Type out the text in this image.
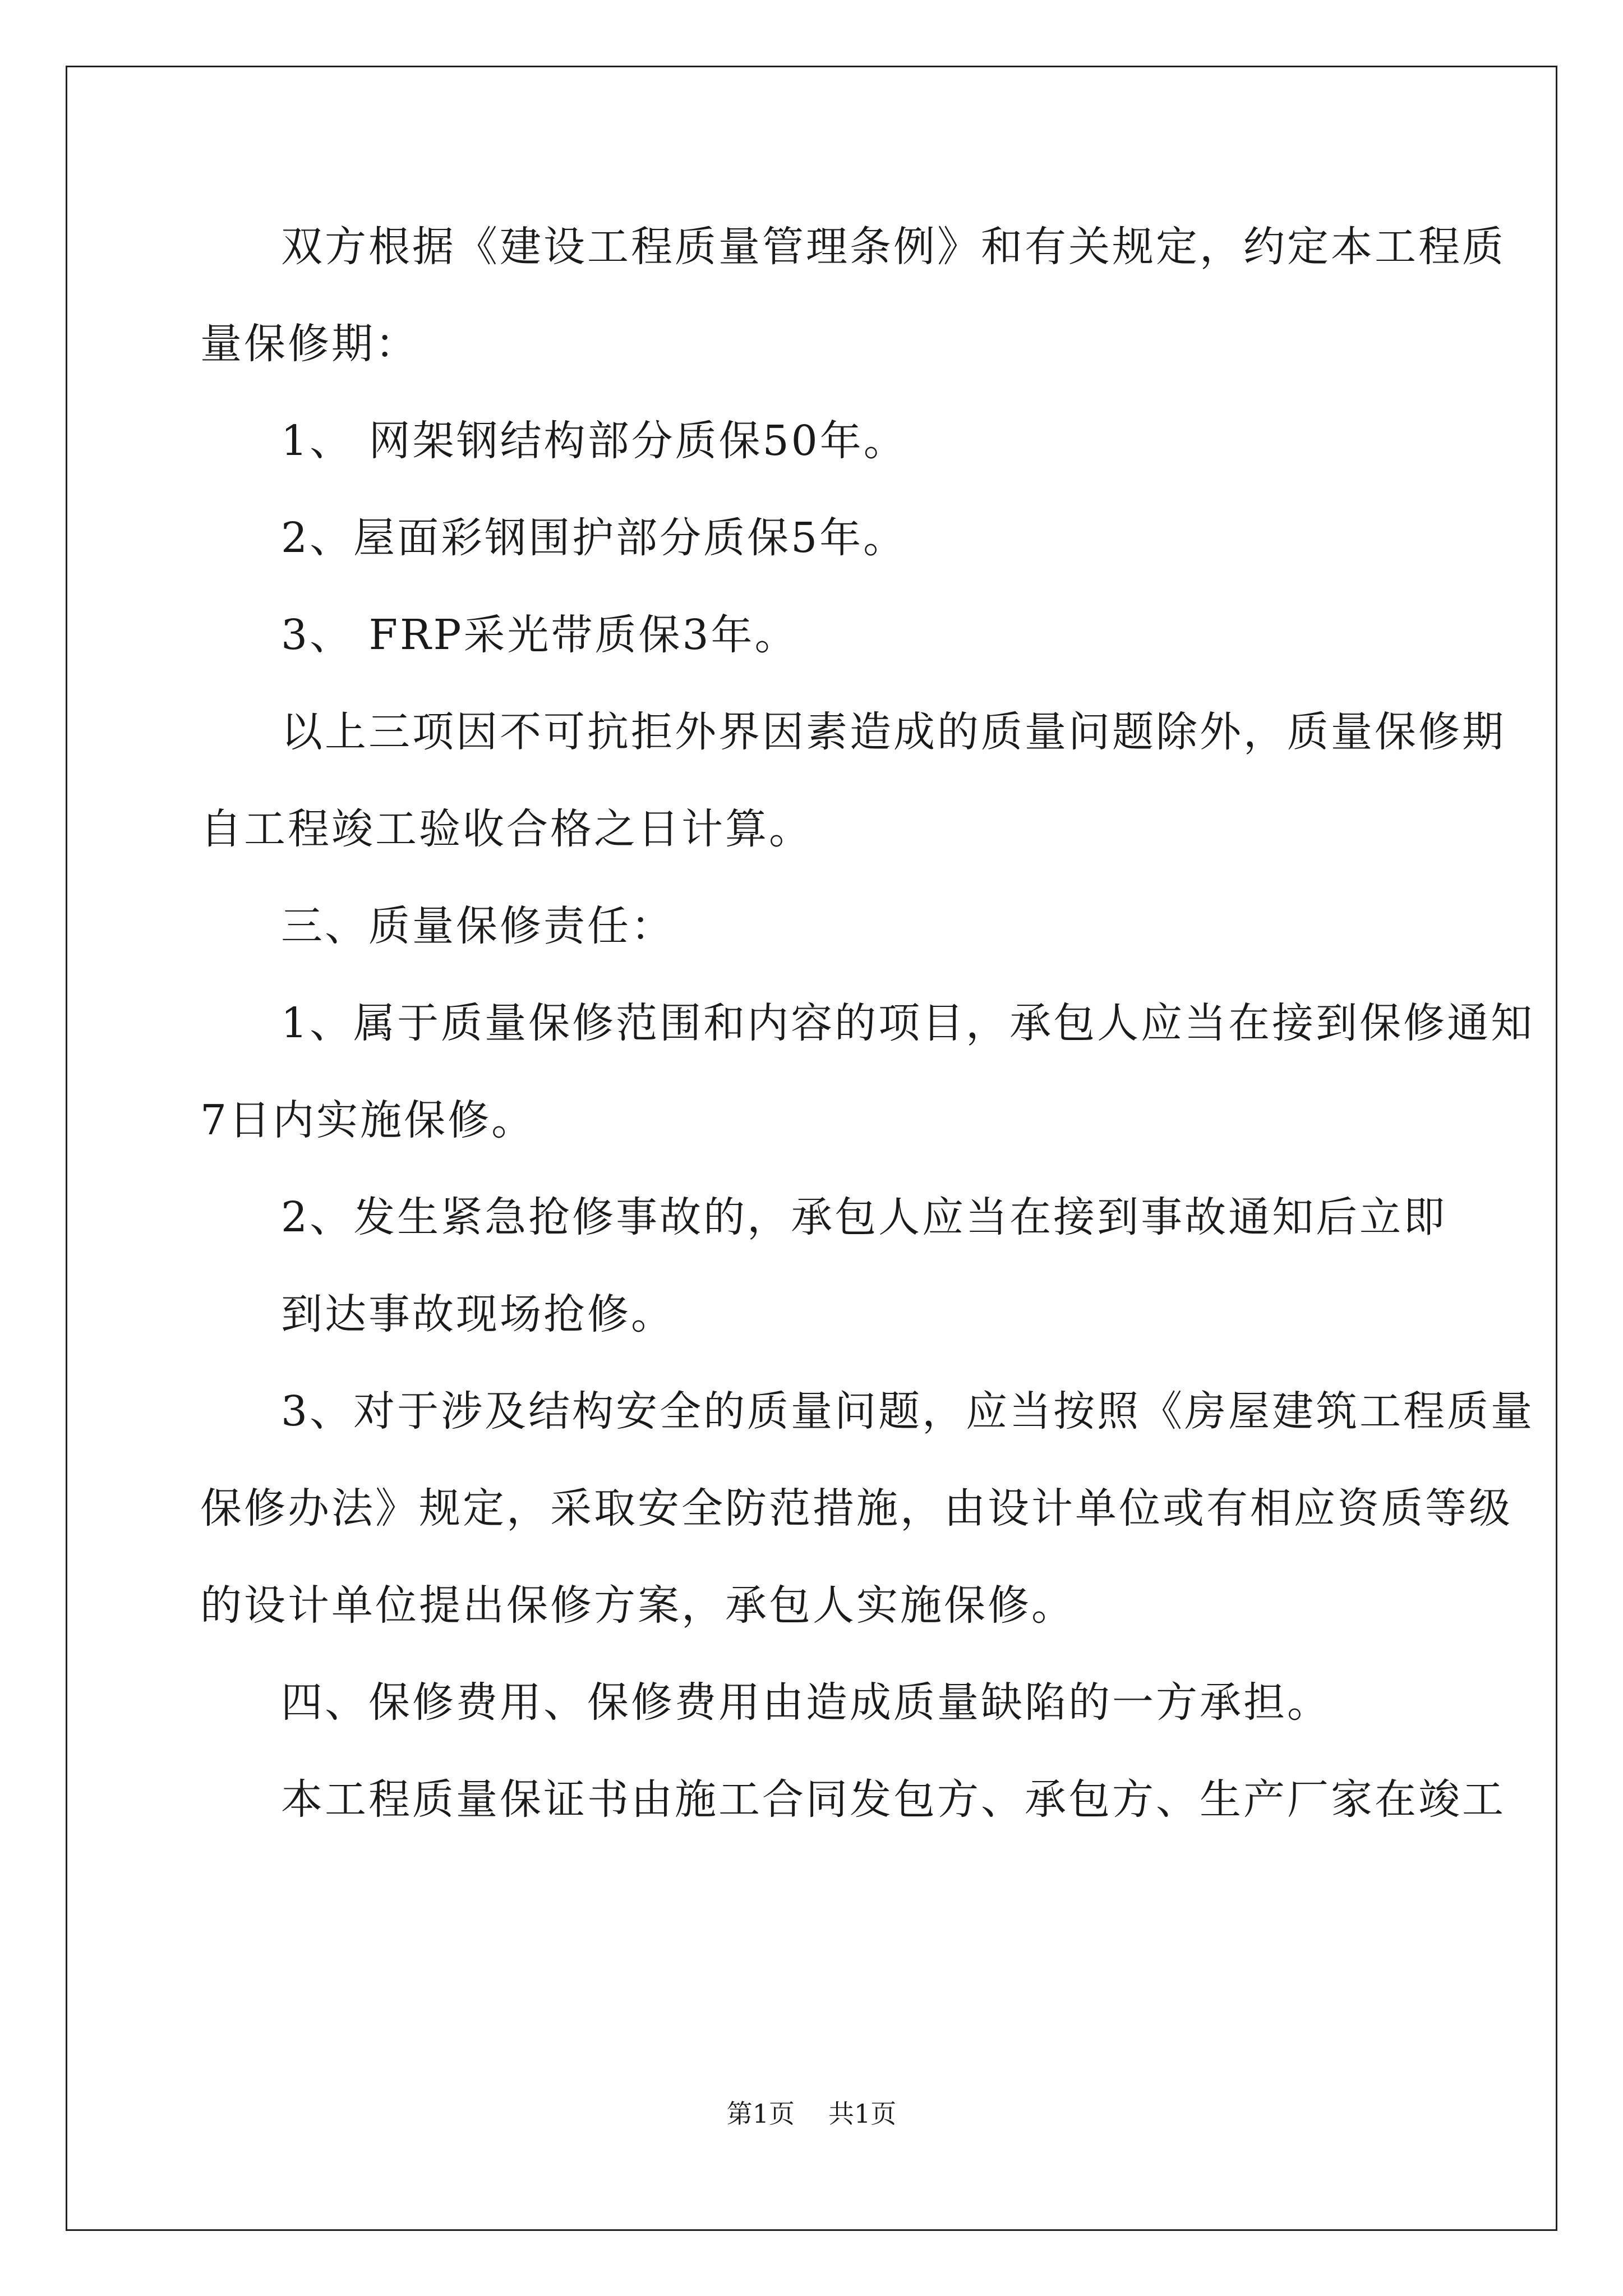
双方根据《建设工程质量管理条例》和有关规定，约定本工程质
量保修期：
1、 网架钢结构部分质保50年。
2、屋面彩钢围护部分质保5年。
3、 FRP采光带质保3年。
以上三项因不可抗拒外界因素造成的质量问题除外，质量保修期
自工程竣工验收合格之日计算。
三、质量保修责任：
1、属于质量保修范围和内容的项目，承包人应当在接到保修通知
7日内实施保修。
2、发生紧急抢修事故的，承包人应当在接到事故通知后立即
到达事故现场抢修。
3、对于涉及结构安全的质量问题，应当按照《房屋建筑工程质量
保修办法》规定，采取安全防范措施，由设计单位或有相应资质等级
的设计单位提出保修方案，承包人实施保修。
四、保修费用、保修费用由造成质量缺陷的一方承担。
本工程质量保证书由施工合同发包方、承包方、生产厂家在竣工
第1页 共1页
